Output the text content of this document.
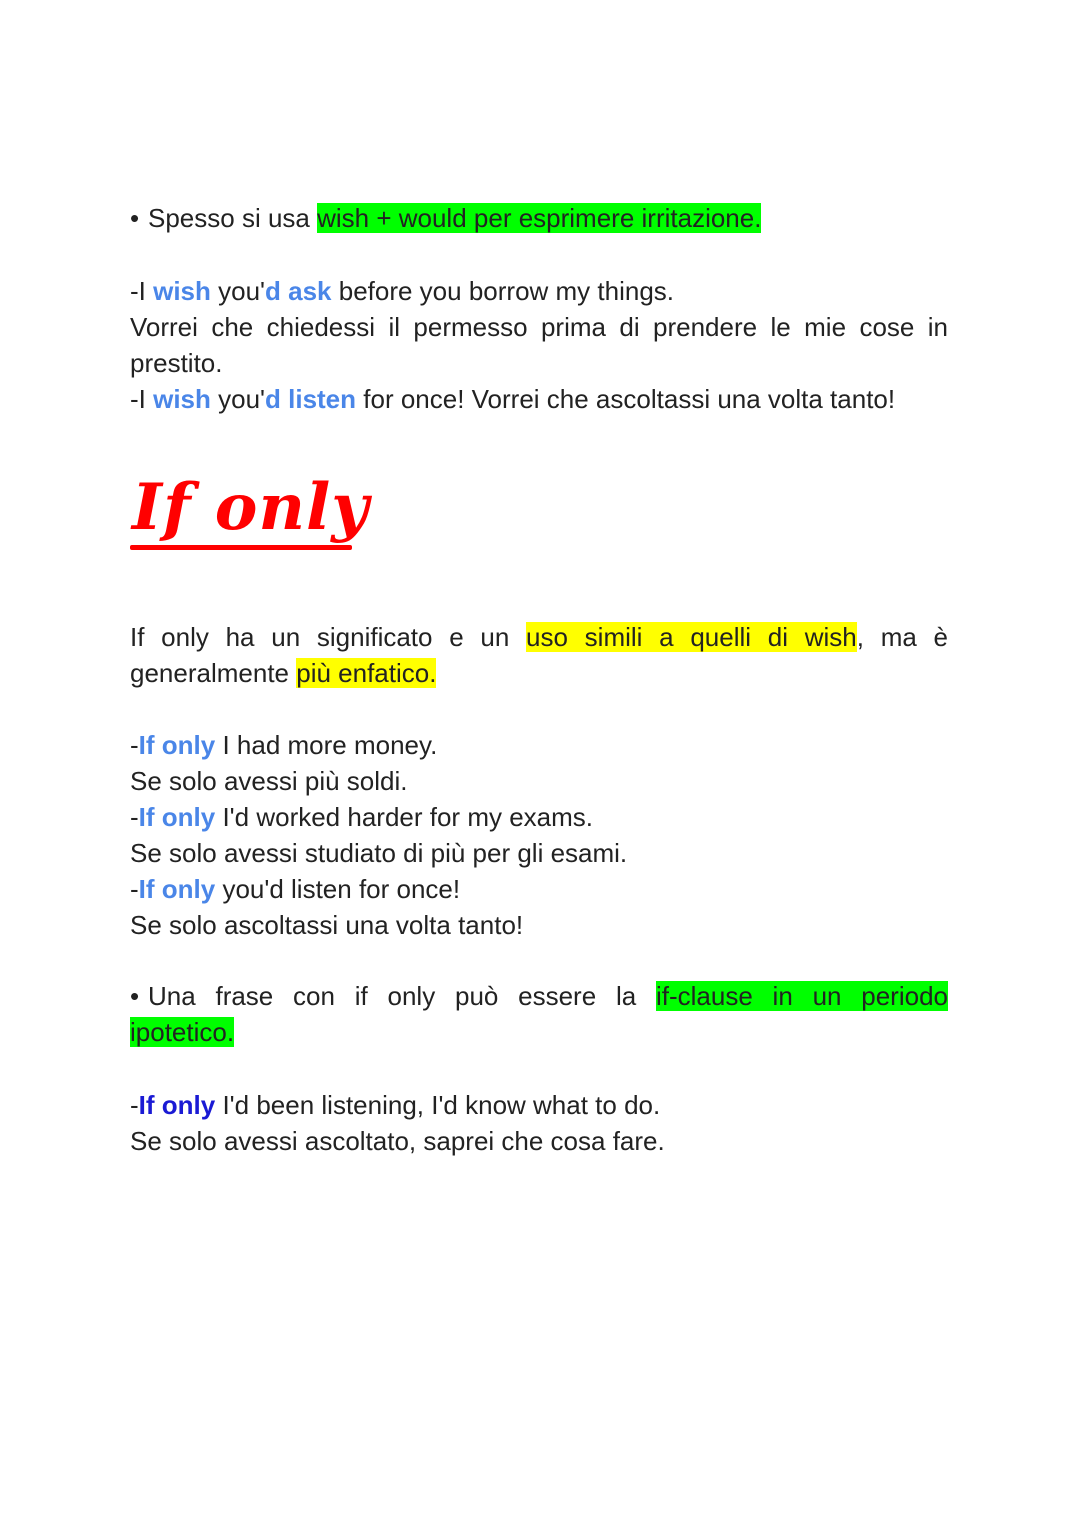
• Spesso si usa wish + would per esprimere irritazione.
-I wish you'd ask before you borrow my things.
Vorrei che chiedessi il permesso prima di prendere le mie cose in
prestito.
-I wish you'd listen for once! Vorrei che ascoltassi una volta tanto!
If only
If only ha un significato e un uso simili a quelli di wish, ma è
generalmente più enfatico.
-If only I had more money.
Se solo avessi più soldi.
-If only I'd worked harder for my exams.
Se solo avessi studiato di più per gli esami.
-If only you'd listen for once!
Se solo ascoltassi una volta tanto!
• Una frase con if only può essere la if-clause in un periodo
ipotetico.
-If only I'd been listening, I'd know what to do.
Se solo avessi ascoltato, saprei che cosa fare.
